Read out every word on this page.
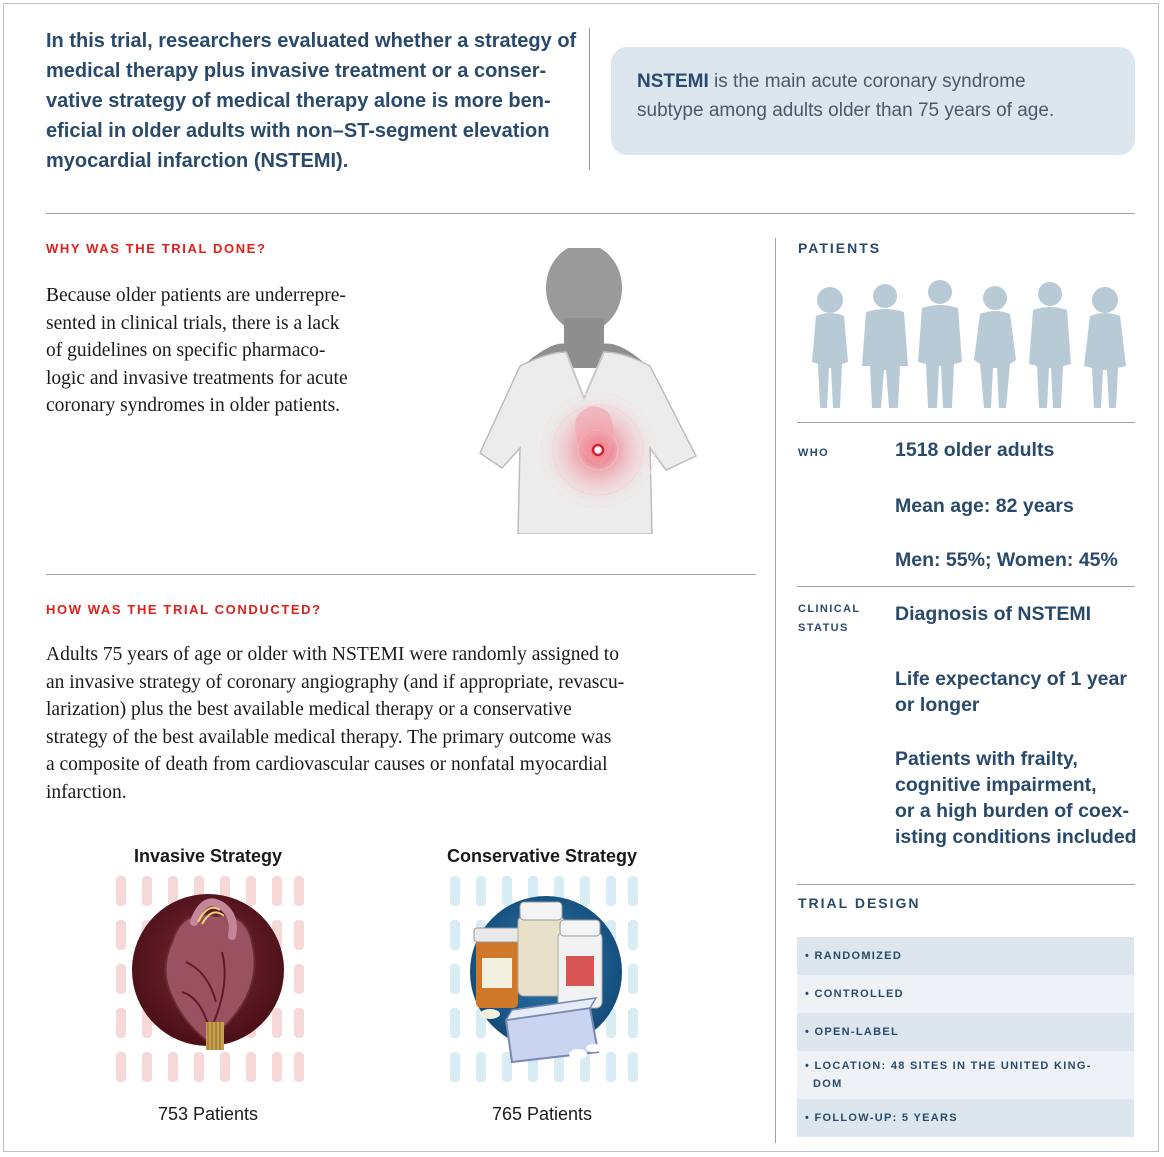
In this trial, researchers evaluated whether a strategy of
medical therapy plus invasive treatment or a conser-
vative strategy of medical therapy alone is more ben-
eficial in older adults with non–ST-segment elevation
myocardial infarction (NSTEMI).
NSTEMI is the main acute coronary syndrome
subtype among adults older than 75 years of age.
WHY WAS THE TRIAL DONE?
Because older patients are underrepre-
sented in clinical trials, there is a lack
of guidelines on specific pharmaco-
logic and invasive treatments for acute
coronary syndromes in older patients.
HOW WAS THE TRIAL CONDUCTED?
Adults 75 years of age or older with NSTEMI were randomly assigned to
an invasive strategy of coronary angiography (and if appropriate, revascu-
larization) plus the best available medical therapy or a conservative
strategy of the best available medical therapy. The primary outcome was
a composite of death from cardiovascular causes or nonfatal myocardial
infarction.
Invasive Strategy
753 Patients
Conservative Strategy
765 Patients
PATIENTS
WHO	1518 older adults
Mean age: 82 years
Men: 55%; Women: 45%
CLINICAL
STATUS
Diagnosis of NSTEMI
Life expectancy of 1 year
or longer
Patients with frailty,
cognitive impairment,
or a high burden of coex-
isting conditions included
TRIAL DESIGN
• RANDOMIZED
• CONTROLLED
• OPEN-LABEL
• LOCATION: 48 SITES IN THE UNITED KING-
DOM
• FOLLOW-UP: 5 YEARS
